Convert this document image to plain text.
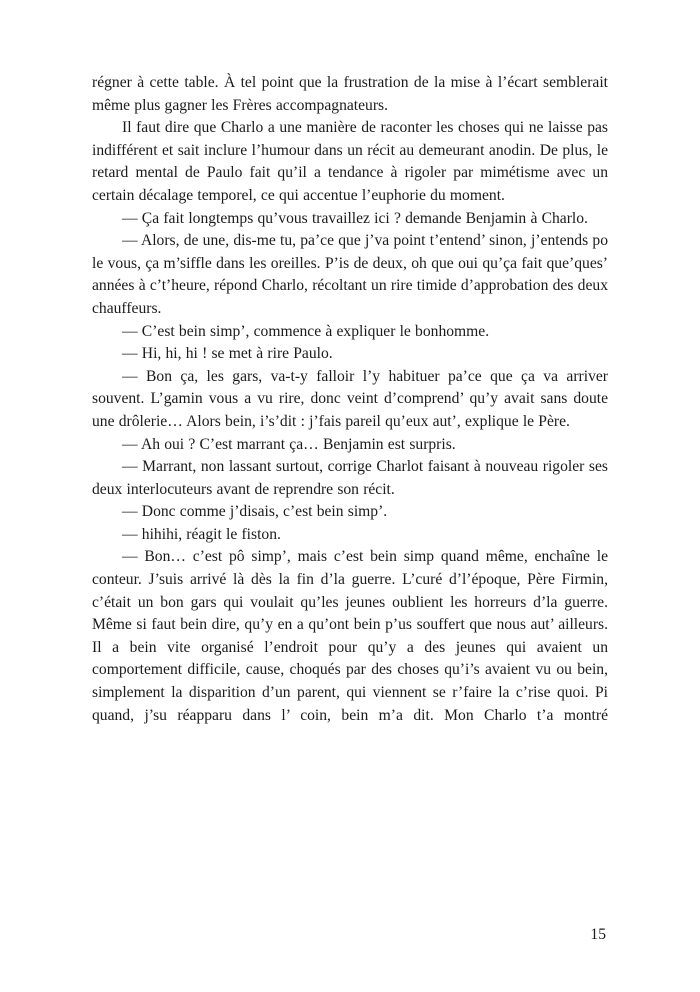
régner à cette table. À tel point que la frustration de la mise à l’écart semblerait même plus gagner les Frères accompagnateurs.

Il faut dire que Charlo a une manière de raconter les choses qui ne laisse pas indifférent et sait inclure l’humour dans un récit au demeurant anodin. De plus, le retard mental de Paulo fait qu’il a tendance à rigoler par mimétisme avec un certain décalage temporel, ce qui accentue l’euphorie du moment.

— Ça fait longtemps qu’vous travaillez ici ? demande Benjamin à Charlo.

— Alors, de une, dis-me tu, pa’ce que j’va point t’entend’ sinon, j’entends po le vous, ça m’siffle dans les oreilles. P’is de deux, oh que oui qu’ça fait que’ques’ années à c’t’heure, répond Charlo, récoltant un rire timide d’approbation des deux chauffeurs.

— C’est bein simp’, commence à expliquer le bonhomme.

— Hi, hi, hi ! se met à rire Paulo.

— Bon ça, les gars, va-t-y falloir l’y habituer pa’ce que ça va arriver souvent. L’gamin vous a vu rire, donc veint d’comprend’ qu’y avait sans doute une drôlerie… Alors bein, i’s’dit : j’fais pareil qu’eux aut’, explique le Père.

— Ah oui ? C’est marrant ça… Benjamin est surpris.

— Marrant, non lassant surtout, corrige Charlot faisant à nouveau rigoler ses deux interlocuteurs avant de reprendre son récit.

— Donc comme j’disais, c’est bein simp’.

— hihihi, réagit le fiston.

— Bon… c’est pô simp’, mais c’est bein simp quand même, enchaîne le conteur. J’suis arrivé là dès la fin d’la guerre. L’curé d’l’époque, Père Firmin, c’était un bon gars qui voulait qu’les jeunes oublient les horreurs d’la guerre. Même si faut bein dire, qu’y en a qu’ont bein p’us souffert que nous aut’ ailleurs. Il a bein vite organisé l’endroit pour qu’y a des jeunes qui avaient un comportement difficile, cause, choqués par des choses qu’i’s avaient vu ou bein, simplement la disparition d’un parent, qui viennent se r’faire la c’rise quoi. Pi quand, j’su réapparu dans l’ coin, bein m’a dit. Mon Charlo t’a montré

15
